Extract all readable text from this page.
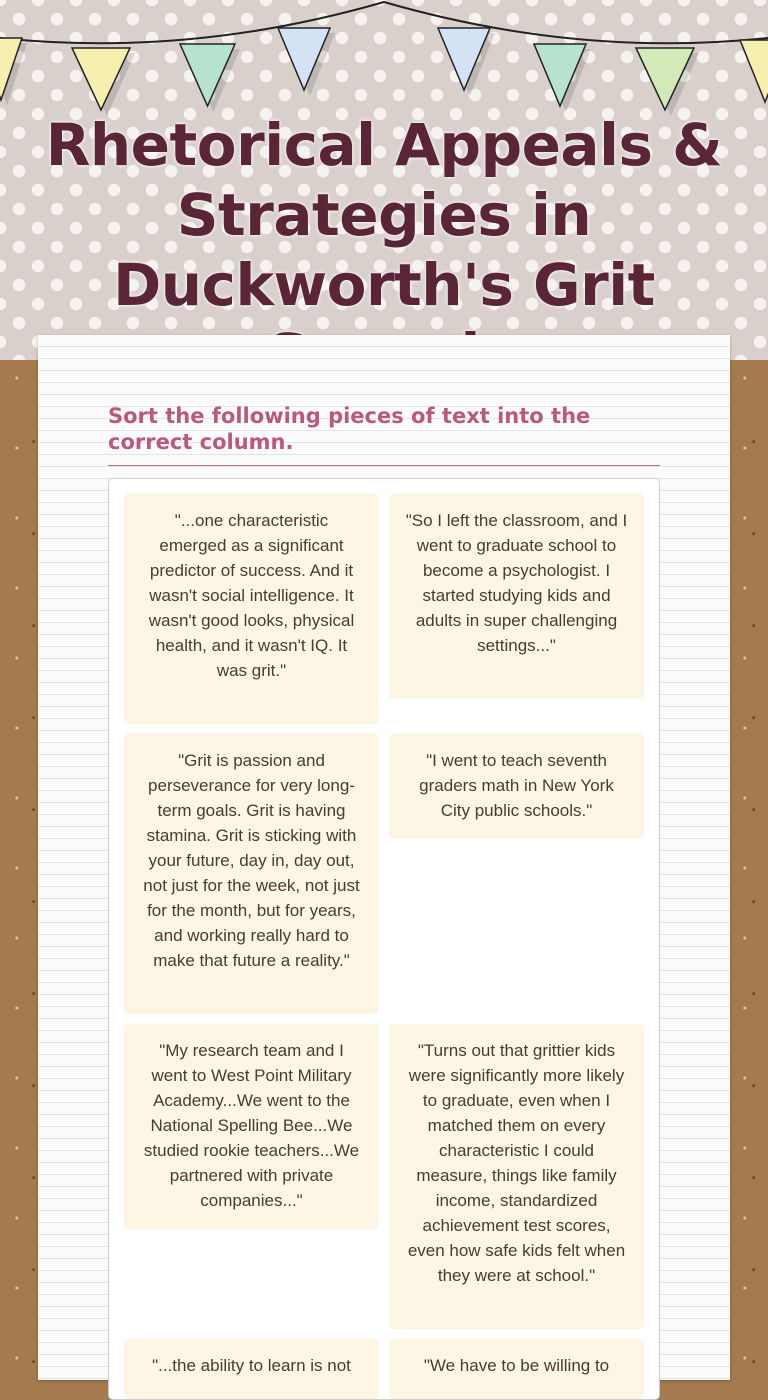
Rhetorical Appeals & Strategies in Duckworth's Grit
Sort the following pieces of text into the correct column.
"...one characteristic emerged as a significant predictor of success. And it wasn't social intelligence. It wasn't good looks, physical health, and it wasn't IQ. It was grit."
"So I left the classroom, and I went to graduate school to become a psychologist. I started studying kids and adults in super challenging settings..."
"Grit is passion and perseverance for very long-term goals. Grit is having stamina. Grit is sticking with your future, day in, day out, not just for the week, not just for the month, but for years, and working really hard to make that future a reality."
"I went to teach seventh graders math in New York City public schools."
"My research team and I went to West Point Military Academy...We went to the National Spelling Bee...We studied rookie teachers...We partnered with private companies..."
"Turns out that grittier kids were significantly more likely to graduate, even when I matched them on every characteristic I could measure, things like family income, standardized achievement test scores, even how safe kids felt when they were at school."
"...the ability to learn is not	"We have to be willing to
